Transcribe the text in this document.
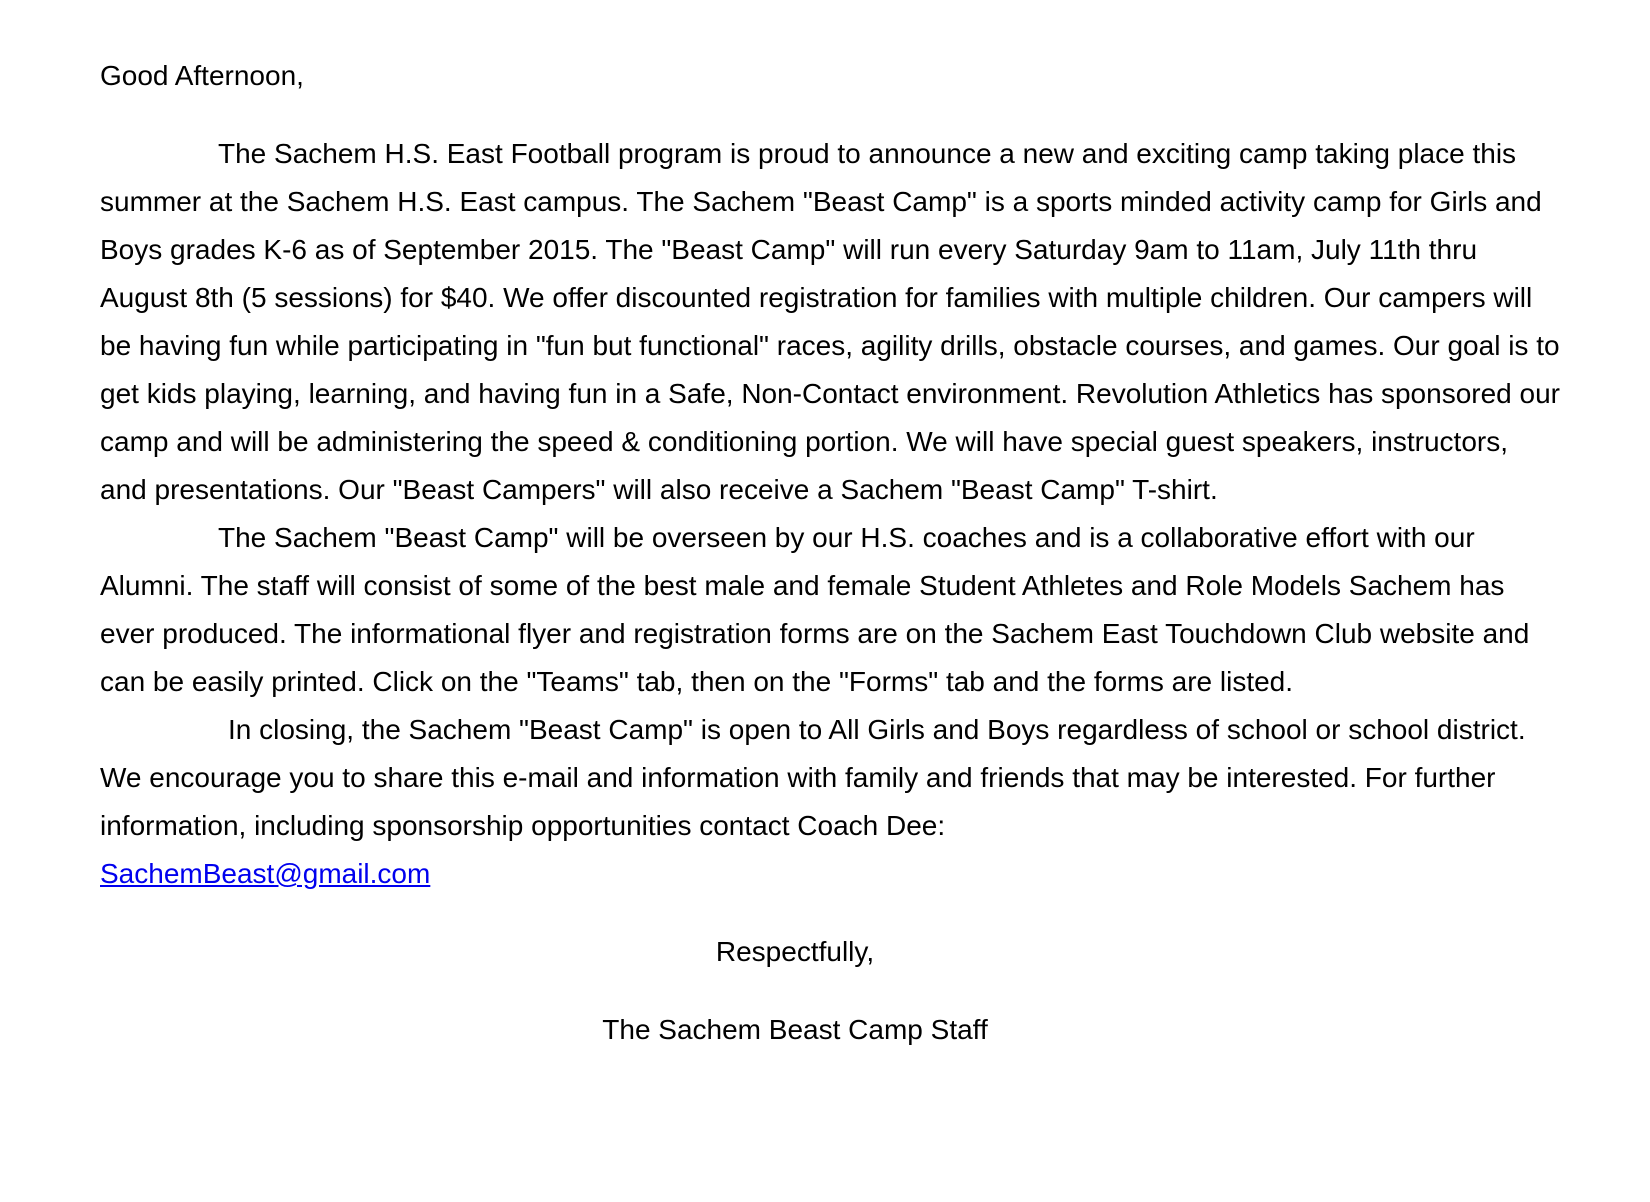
Good Afternoon,

The Sachem H.S. East Football program is proud to announce a new and exciting camp taking place this summer at the Sachem H.S. East campus. The Sachem "Beast Camp" is a sports minded activity camp for Girls and Boys grades K-6 as of September 2015. The "Beast Camp" will run every Saturday 9am to 11am, July 11th thru August 8th (5 sessions) for $40. We offer discounted registration for families with multiple children. Our campers will be having fun while participating in "fun but functional" races, agility drills, obstacle courses, and games. Our goal is to get kids playing, learning, and having fun in a Safe, Non-Contact environment. Revolution Athletics has sponsored our camp and will be administering the speed & conditioning portion. We will have special guest speakers, instructors, and presentations. Our "Beast Campers" will also receive a Sachem "Beast Camp" T-shirt.

The Sachem "Beast Camp" will be overseen by our H.S. coaches and is a collaborative effort with our Alumni. The staff will consist of some of the best male and female Student Athletes and Role Models Sachem has ever produced. The informational flyer and registration forms are on the Sachem East Touchdown Club website and can be easily printed. Click on the "Teams" tab, then on the "Forms" tab and the forms are listed.

In closing, the Sachem "Beast Camp" is open to All Girls and Boys regardless of school or school district. We encourage you to share this e-mail and information with family and friends that may be interested. For further information, including sponsorship opportunities contact Coach Dee:

SachemBeast@gmail.com

Respectfully,

The Sachem Beast Camp Staff
